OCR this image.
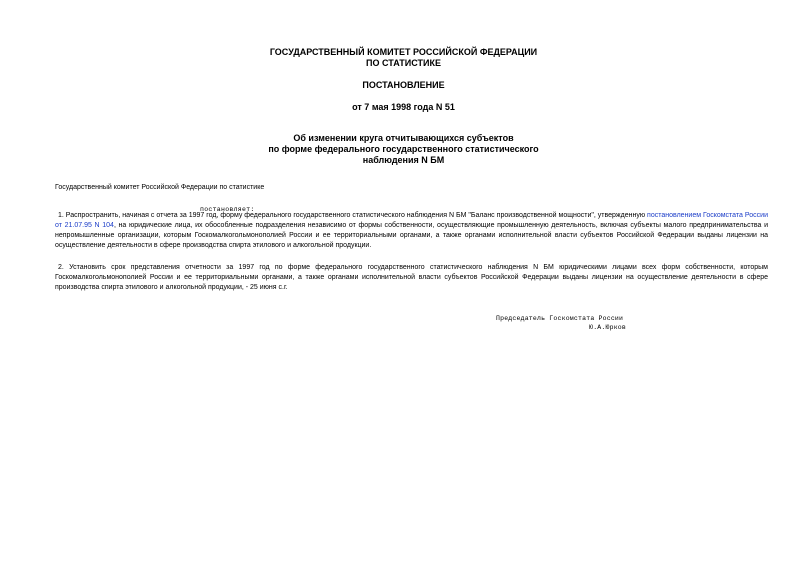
ГОСУДАРСТВЕННЫЙ КОМИТЕТ РОССИЙСКОЙ ФЕДЕРАЦИИ
ПО СТАТИСТИКЕ
ПОСТАНОВЛЕНИЕ
от 7 мая 1998 года N 51
Об изменении круга отчитывающихся субъектов
по форме федерального государственного статистического
наблюдения N БМ
Государственный комитет Российской Федерации по статистике
постановляет:
1. Распространить, начиная с отчета за 1997 год, форму федерального государственного статистического наблюдения N БМ "Баланс производственной мощности", утвержденную постановлением Госкомстата России от 21.07.95 N 104, на юридические лица, их обособленные подразделения независимо от формы собственности, осуществляющие промышленную деятельность, включая субъекты малого предпринимательства и непромышленные организации, которым Госкомалкогольмонополией России и ее территориальными органами, а также органами исполнительной власти субъектов Российской Федерации выданы лицензии на осуществление деятельности в сфере производства спирта этилового и алкогольной продукции.
2. Установить срок представления отчетности за 1997 год по форме федерального государственного статистического наблюдения N БМ юридическими лицами всех форм собственности, которым Госкомалкогольмонополией России и ее территориальными органами, а также органами исполнительной власти субъектов Российской Федерации выданы лицензии на осуществление деятельности в сфере производства спирта этилового и алкогольной продукции, - 25 июня с.г.
Председатель Госкомстата России
Ю.А.Юрков
